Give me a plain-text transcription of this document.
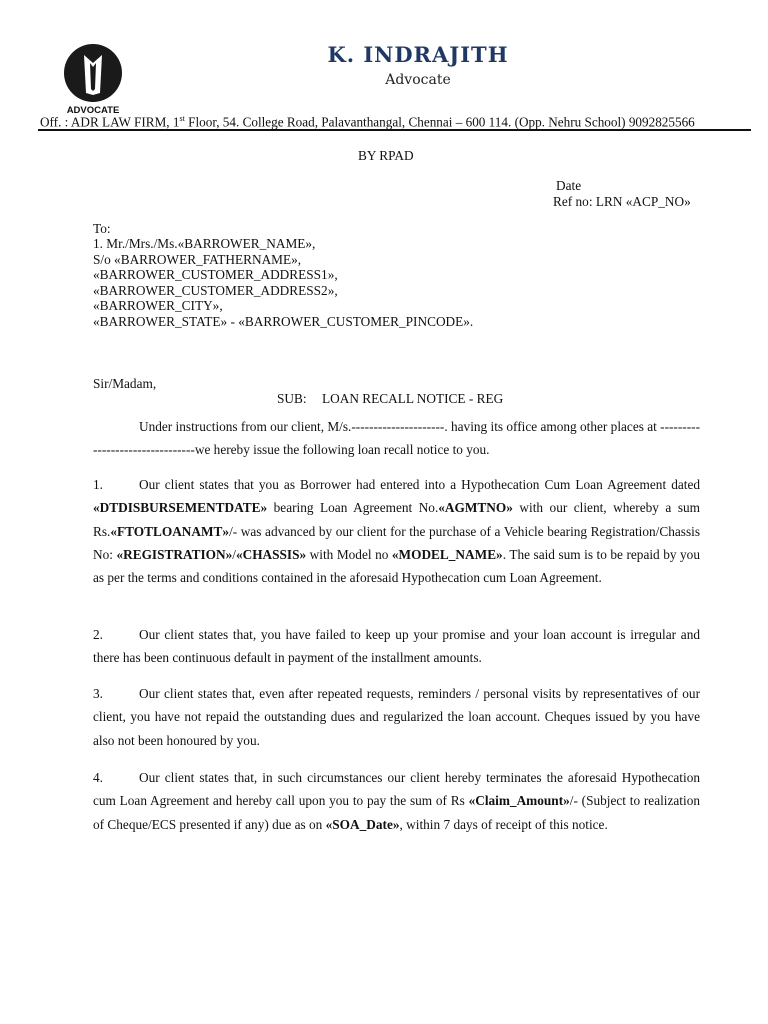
ADVOCATE
K. INDRAJITH
Advocate
Off. : ADR LAW FIRM, 1st Floor, 54. College Road, Palavanthangal, Chennai – 600 114. (Opp. Nehru School) 9092825566
BY RPAD
Date
Ref no: LRN «ACP_NO»
To:
1. Mr./Mrs./Ms.«BARROWER_NAME»,
S/o «BARROWER_FATHERNAME»,
«BARROWER_CUSTOMER_ADDRESS1»,
«BARROWER_CUSTOMER_ADDRESS2»,
«BARROWER_CITY»,
«BARROWER_STATE» - «BARROWER_CUSTOMER_PINCODE».
Sir/Madam,
SUB: LOAN RECALL NOTICE - REG
Under instructions from our client, M/s.---------------------. having its office among other places at --------------------------------we hereby issue the following loan recall notice to you.
1.	Our client states that you as Borrower had entered into a Hypothecation Cum Loan Agreement dated «DTDISBURSEMENTDATE» bearing Loan Agreement No.«AGMTNO» with our client, whereby a sum Rs.«FTOTLOANAMT»/- was advanced by our client for the purchase of a Vehicle bearing Registration/Chassis No: «REGISTRATION»/«CHASSIS» with Model no «MODEL_NAME». The said sum is to be repaid by you as per the terms and conditions contained in the aforesaid Hypothecation cum Loan Agreement.
2.	Our client states that, you have failed to keep up your promise and your loan account is irregular and there has been continuous default in payment of the installment amounts.
3.	Our client states that, even after repeated requests, reminders / personal visits by representatives of our client, you have not repaid the outstanding dues and regularized the loan account. Cheques issued by you have also not been honoured by you.
4.	Our client states that, in such circumstances our client hereby terminates the aforesaid Hypothecation cum Loan Agreement and hereby call upon you to pay the sum of Rs «Claim_Amount»/- (Subject to realization of Cheque/ECS presented if any) due as on «SOA_Date», within 7 days of receipt of this notice.
